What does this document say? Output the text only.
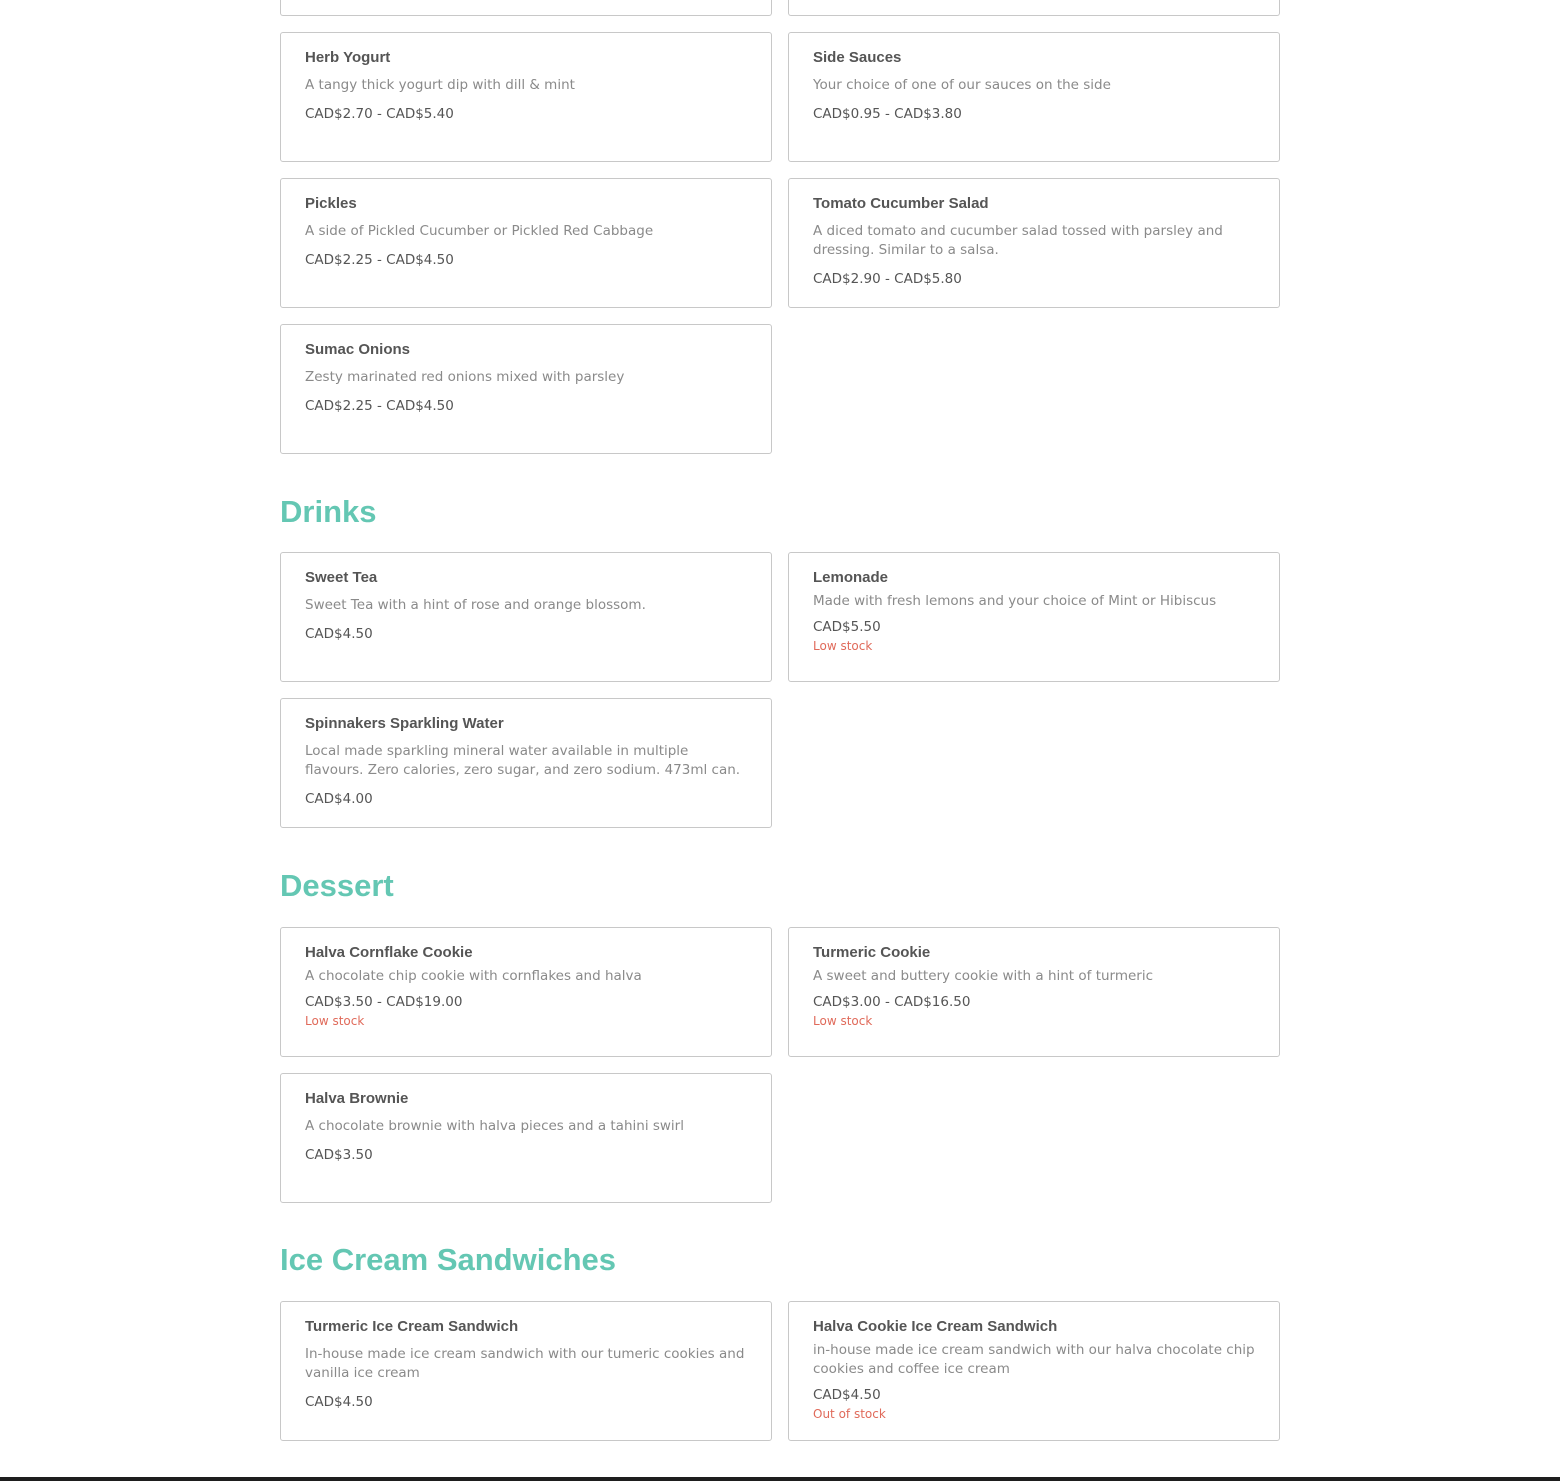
Herb Yogurt
A tangy thick yogurt dip with dill & mint
CAD$2.70 - CAD$5.40
Side Sauces
Your choice of one of our sauces on the side
CAD$0.95 - CAD$3.80
Pickles
A side of Pickled Cucumber or Pickled Red Cabbage
CAD$2.25 - CAD$4.50
Tomato Cucumber Salad
A diced tomato and cucumber salad tossed with parsley and dressing. Similar to a salsa.
CAD$2.90 - CAD$5.80
Sumac Onions
Zesty marinated red onions mixed with parsley
CAD$2.25 - CAD$4.50
Drinks
Sweet Tea
Sweet Tea with a hint of rose and orange blossom.
CAD$4.50
Lemonade
Made with fresh lemons and your choice of Mint or Hibiscus
CAD$5.50
Low stock
Spinnakers Sparkling Water
Local made sparkling mineral water available in multiple flavours. Zero calories, zero sugar, and zero sodium. 473ml can.
CAD$4.00
Dessert
Halva Cornflake Cookie
A chocolate chip cookie with cornflakes and halva
CAD$3.50 - CAD$19.00
Low stock
Turmeric Cookie
A sweet and buttery cookie with a hint of turmeric
CAD$3.00 - CAD$16.50
Low stock
Halva Brownie
A chocolate brownie with halva pieces and a tahini swirl
CAD$3.50
Ice Cream Sandwiches
Turmeric Ice Cream Sandwich
In-house made ice cream sandwich with our tumeric cookies and vanilla ice cream
CAD$4.50
Halva Cookie Ice Cream Sandwich
in-house made ice cream sandwich with our halva chocolate chip cookies and coffee ice cream
CAD$4.50
Out of stock
